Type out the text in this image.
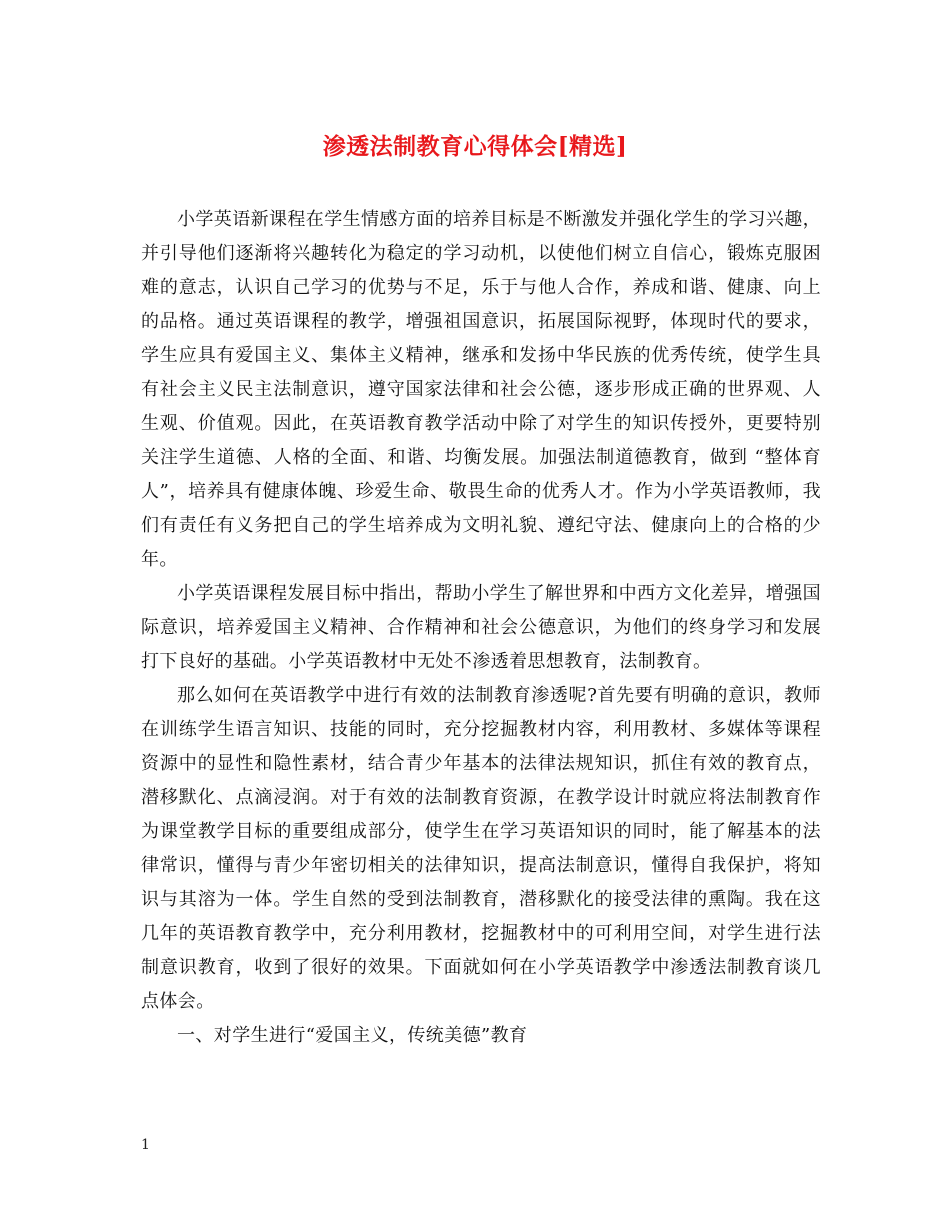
渗透法制教育心得体会[精选]

小学英语新课程在学生情感方面的培养目标是不断激发并强化学生的学习兴趣，并引导他们逐渐将兴趣转化为稳定的学习动机，以使他们树立自信心，锻炼克服困难的意志，认识自己学习的优势与不足，乐于与他人合作，养成和谐、健康、向上的品格。通过英语课程的教学，增强祖国意识，拓展国际视野，体现时代的要求，学生应具有爱国主义、集体主义精神，继承和发扬中华民族的优秀传统，使学生具有社会主义民主法制意识，遵守国家法律和社会公德，逐步形成正确的世界观、人生观、价值观。因此，在英语教育教学活动中除了对学生的知识传授外，更要特别关注学生道德、人格的全面、和谐、均衡发展。加强法制道德教育，做到 “整体育人”，培养具有健康体魄、珍爱生命、敬畏生命的优秀人才。作为小学英语教师，我们有责任有义务把自己的学生培养成为文明礼貌、遵纪守法、健康向上的合格的少年。

小学英语课程发展目标中指出，帮助小学生了解世界和中西方文化差异，增强国际意识，培养爱国主义精神、合作精神和社会公德意识，为他们的终身学习和发展打下良好的基础。小学英语教材中无处不渗透着思想教育，法制教育。

那么如何在英语教学中进行有效的法制教育渗透呢?首先要有明确的意识，教师在训练学生语言知识、技能的同时，充分挖掘教材内容，利用教材、多媒体等课程资源中的显性和隐性素材，结合青少年基本的法律法规知识，抓住有效的教育点，潜移默化、点滴浸润。对于有效的法制教育资源，在教学设计时就应将法制教育作为课堂教学目标的重要组成部分，使学生在学习英语知识的同时，能了解基本的法律常识，懂得与青少年密切相关的法律知识，提高法制意识，懂得自我保护，将知识与其溶为一体。学生自然的受到法制教育，潜移默化的接受法律的熏陶。我在这几年的英语教育教学中，充分利用教材，挖掘教材中的可利用空间，对学生进行法制意识教育，收到了很好的效果。下面就如何在小学英语教学中渗透法制教育谈几点体会。

一、对学生进行“爱国主义，传统美德”教育

1
